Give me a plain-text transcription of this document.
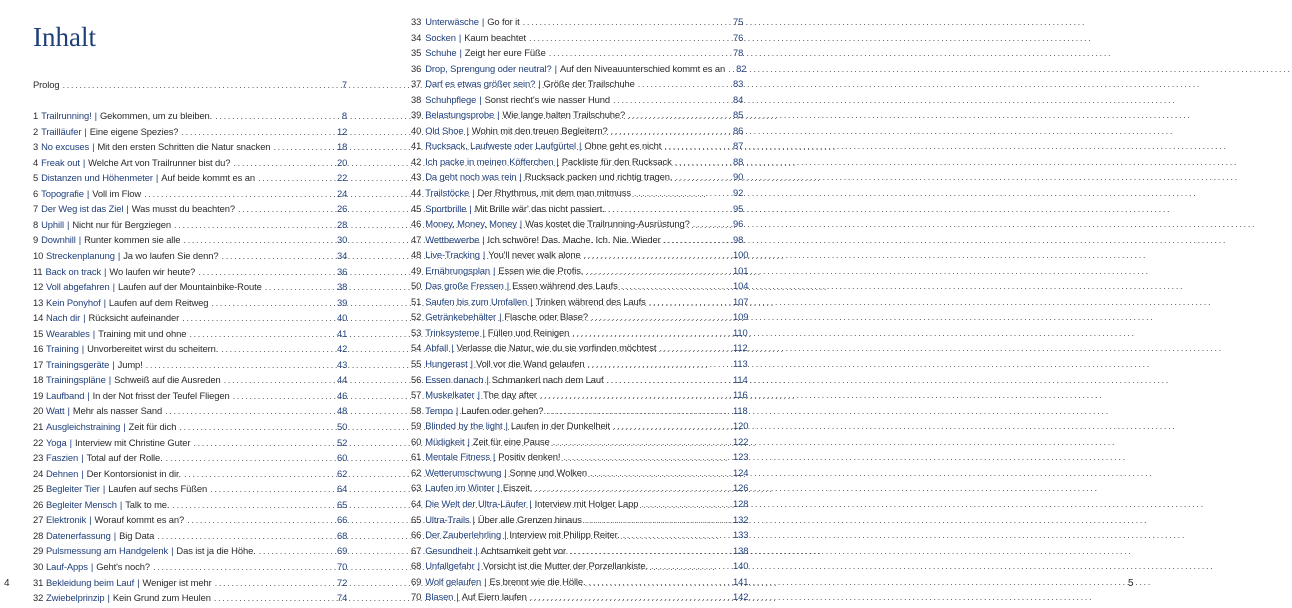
Inhalt
Prolog .....	7
1 Trailrunning! | Gekommen, um zu bleiben. .....	8
2 Trailläufer | Eine eigene Spezies? .....	12
3 No excuses | Mit den ersten Schritten die Natur snacken .....	18
4 Freak out | Welche Art von Trailrunner bist du? .....	20
5 Distanzen und Höhenmeter | Auf beide kommt es an .....	22
6 Topografie | Voll im Flow .....	24
7 Der Weg ist das Ziel | Was musst du beachten? .....	26
8 Uphill | Nicht nur für Bergziegen .....	28
9 Downhill | Runter kommen sie alle .....	30
10 Streckenplanung | Ja wo laufen Sie denn? .....	34
11 Back on track | Wo laufen wir heute? .....	36
12 Voll abgefahren | Laufen auf der Mountainbike-Route .....	38
13 Kein Ponyhof | Laufen auf dem Reitweg .....	39
14 Nach dir | Rücksicht aufeinander .....	40
15 Wearables | Training mit und ohne .....	41
16 Training | Unvorbereitet wirst du scheitern. .....	42
17 Trainingsgeräte | Jump! .....	43
18 Trainingspläne | Schweiß auf die Ausreden .....	44
19 Laufband | In der Not frisst der Teufel Fliegen .....	46
20 Watt | Mehr als nasser Sand .....	48
21 Ausgleichstraining | Zeit für dich .....	50
22 Yoga | Interview mit Christine Guter .....	52
23 Faszien | Total auf der Rolle. .....	60
24 Dehnen | Der Kontorsionist in dir. .....	62
25 Begleiter Tier | Laufen auf sechs Füßen .....	64
26 Begleiter Mensch | Talk to me. .....	65
27 Elektronik | Worauf kommt es an? .....	66
28 Datenerfassung | Big Data .....	68
29 Pulsmessung am Handgelenk | Das ist ja die Höhe. .....	69
30 Lauf-Apps | Geht's noch? .....	70
31 Bekleidung beim Lauf | Weniger ist mehr .....	72
32 Zwiebelprinzip | Kein Grund zum Heulen .....	74
4
33 Unterwäsche | Go for it .....	75
34 Socken | Kaum beachtet .....	76
35 Schuhe | Zeigt her eure Füße .....	78
36 Drop, Sprengung oder neutral? | Auf den Niveauunterschied kommt es an ..... 82
37 Darf es etwas größer sein? | Größe der Trailschuhe .....	83
38 Schuhpflege | Sonst riecht's wie nasser Hund .....	84
39 Belastungsprobe | Wie lange halten Trailschuhe? .....	85
40 Old Shoe | Wohin mit den treuen Begleitern? .....	86
41 Rucksack, Laufweste oder Laufgürtel | Ohne geht es nicht .....	87
42 Ich packe in meinen Köfferchen | Packliste für den Rucksack .....	88
43 Da geht noch was rein | Rucksack packen und richtig tragen. .....	90
44 Trailstöcke | Der Rhythmus, mit dem man mitmuss .....	92
45 Sportbrille | Mit Brille wär' das nicht passiert. .....	95
46 Money, Money, Money | Was kostet die Trailrunning-Ausrüstung? .....	96
47 Wettbewerbe | Ich schwöre! Das. Mache. Ich. Nie. Wieder .....	98
48 Live-Tracking | You'll never walk alone .....	100
49 Ernährungsplan | Essen wie die Profis. .....	101
50 Das große Fressen | Essen während des Laufs .....	104
51 Saufen bis zum Umfallen | Trinken während des Laufs .....	107
52 Getränkebehälter | Flasche oder Blase? .....	109
53 Trinksysteme | Füllen und Reinigen .....	110
54 Abfall | Verlasse die Natur, wie du sie vorfinden möchtest .....	112
55 Hungerast | Voll vor die Wand gelaufen .....	113
56 Essen danach | Schmankerl nach dem Lauf .....	114
57 Muskelkater | The day after .....	116
58 Tempo | Laufen oder gehen? .....	118
59 Blinded by the light | Laufen in der Dunkelheit .....	120
60 Müdigkeit | Zeit für eine Pause .....	122
61 Mentale Fitness | Positiv denken! .....	123
62 Wetterumschwung | Sonne und Wolken .....	124
63 Laufen im Winter | Eiszeit. .....	126
64 Die Welt der Ultra-Läufer | Interview mit Holger Lapp .....	128
65 Ultra-Trails | Über alle Grenzen hinaus .....	132
66 Der Zauberlehrling | Interview mit Philipp Reiter. .....	133
67 Gesundheit | Achtsamkeit geht vor .....	138
68 Unfallgefahr | Vorsicht ist die Mutter der Porzellankiste. .....	140
69 Wolf gelaufen | Es brennt wie die Hölle. .....	141
70 Blasen | Auf Eiern laufen .....	142
5
